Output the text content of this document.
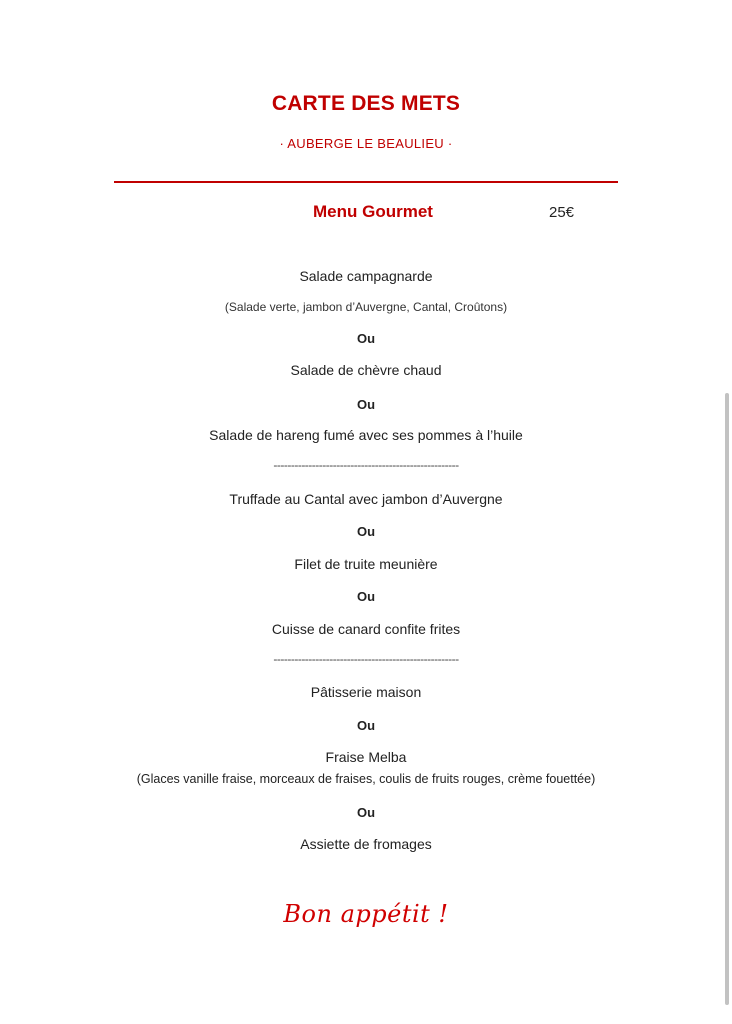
CARTE DES METS
· AUBERGE LE BEAULIEU ·
Menu Gourmet	25€
Salade campagnarde
(Salade verte, jambon d’Auvergne, Cantal, Croûtons)
Ou
Salade de chèvre chaud
Ou
Salade de hareng fumé avec ses pommes à l’huile
-----------------------------------------------------
Truffade au Cantal avec jambon d’Auvergne
Ou
Filet de truite meunière
Ou
Cuisse de canard confite frites
-----------------------------------------------------
Pâtisserie maison
Ou
Fraise Melba
(Glaces vanille fraise, morceaux de fraises, coulis de fruits rouges, crème fouettée)
Ou
Assiette de fromages
Bon appétit !
